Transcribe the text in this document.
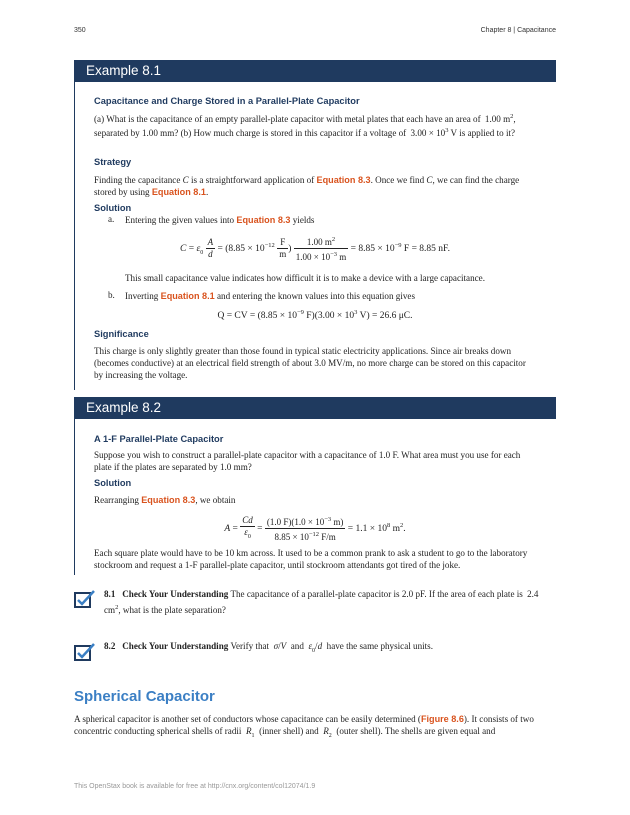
350	Chapter 8 | Capacitance
Example 8.1
Capacitance and Charge Stored in a Parallel-Plate Capacitor
(a) What is the capacitance of an empty parallel-plate capacitor with metal plates that each have an area of 1.00 $m^2$, separated by 1.00 mm? (b) How much charge is stored in this capacitor if a voltage of $3.00 \times 10^3$ V is applied to it?
Strategy
Finding the capacitance C is a straightforward application of Equation 8.3. Once we find C, we can find the charge stored by using Equation 8.1.
Solution
a. Entering the given values into Equation 8.3 yields
$C = \varepsilon_0 \frac{A}{d} = (8.85 \times 10^{-12} \frac{F}{m}$ ) $\frac{1.00 m^2}{1.00 \times 10^{-3} m} = 8.85 \times 10^{-9}$ F = 8.85 nF.
This small capacitance value indicates how difficult it is to make a device with a large capacitance.
b. Inverting Equation 8.1 and entering the known values into this equation gives
Q = CV = ($8.85 \times 10^{-9}$ $F)(3.00 \times 10^3$ V) = 26.6 μC.
Significance
This charge is only slightly greater than those found in typical static electricity applications. Since air breaks down (becomes conductive) at an electrical field strength of about 3.0 MV/m, no more charge can be stored on this capacitor by increasing the voltage.
Example 8.2
A 1-F Parallel-Plate Capacitor
Suppose you wish to construct a parallel-plate capacitor with a capacitance of 1.0 F. What area must you use for each plate if the plates are separated by 1.0 mm?
Solution
Rearranging Equation 8.3, we obtain
$A = \frac{Cd}{\varepsilon_0} = \frac{(1.0 F)(1.0 \times 10^{-3} m)}{8.85 \times 10^{-12} F/m} = 1.1 \times 10^8$ $m^2$.
Each square plate would have to be 10 km across. It used to be a common prank to ask a student to go to the laboratory stockroom and request a 1-F parallel-plate capacitor, until stockroom attendants got tired of the joke.
8.1 Check Your Understanding The capacitance of a parallel-plate capacitor is 2.0 pF. If the area of each plate is 2.4 $cm^2$, what is the plate separation?
8.2 Check Your Understanding Verify that σ/V and $\varepsilon_0/d$ have the same physical units.
Spherical Capacitor
A spherical capacitor is another set of conductors whose capacitance can be easily determined (Figure 8.6). It consists of two concentric conducting spherical shells of radii $R_1$ (inner shell) and $R_2$ (outer shell). The shells are given equal and
This OpenStax book is available for free at http://cnx.org/content/col12074/1.9
